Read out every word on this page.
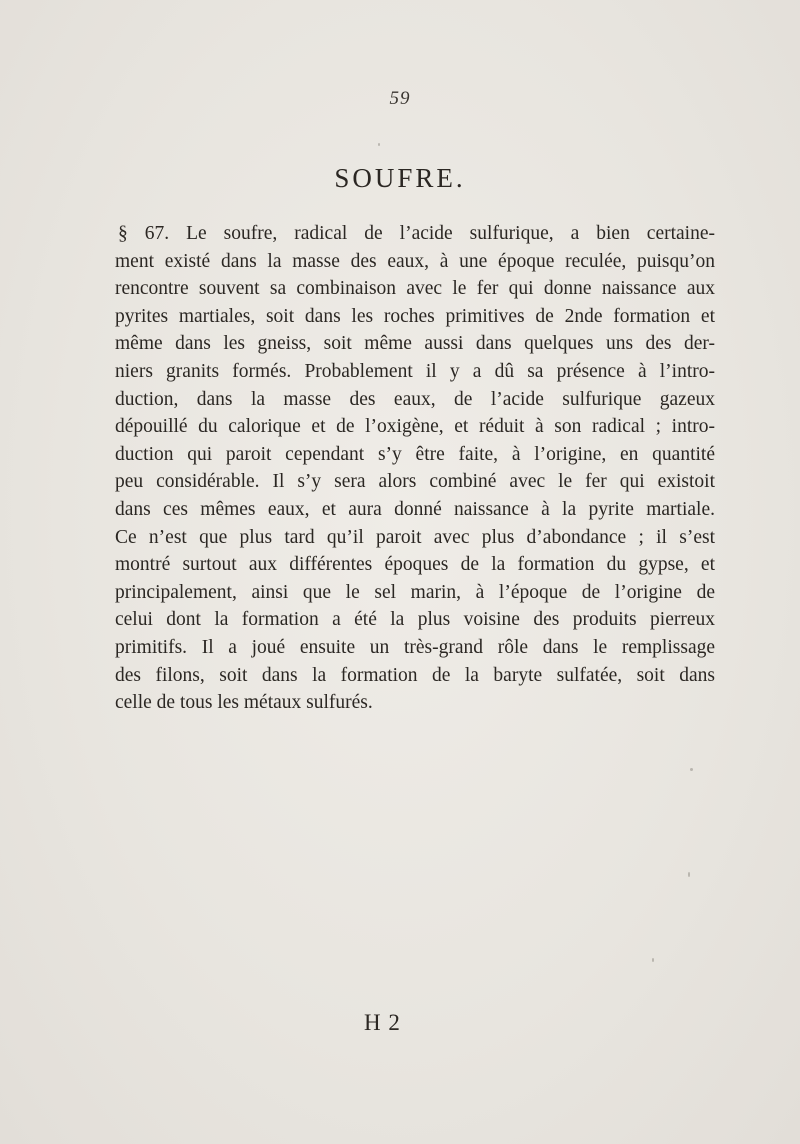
59
SOUFRE.
§ 67. Le soufre, radical de l’acide sulfurique, a bien certaine-
ment existé dans la masse des eaux, à une époque reculée, puisqu’on
rencontre souvent sa combinaison avec le fer qui donne naissance aux
pyrites martiales, soit dans les roches primitives de 2nde formation et
même dans les gneiss, soit même aussi dans quelques uns des der-
niers granits formés. Probablement il y a dû sa présence à l’intro-
duction, dans la masse des eaux, de l’acide sulfurique gazeux
dépouillé du calorique et de l’oxigène, et réduit à son radical ; intro-
duction qui paroit cependant s’y être faite, à l’origine, en quantité
peu considérable. Il s’y sera alors combiné avec le fer qui existoit
dans ces mêmes eaux, et aura donné naissance à la pyrite martiale.
Ce n’est que plus tard qu’il paroit avec plus d’abondance ; il s’est
montré surtout aux différentes époques de la formation du gypse, et
principalement, ainsi que le sel marin, à l’époque de l’origine de
celui dont la formation a été la plus voisine des produits pierreux
primitifs. Il a joué ensuite un très-grand rôle dans le remplissage
des filons, soit dans la formation de la baryte sulfatée, soit dans
celle de tous les métaux sulfurés.
H 2
